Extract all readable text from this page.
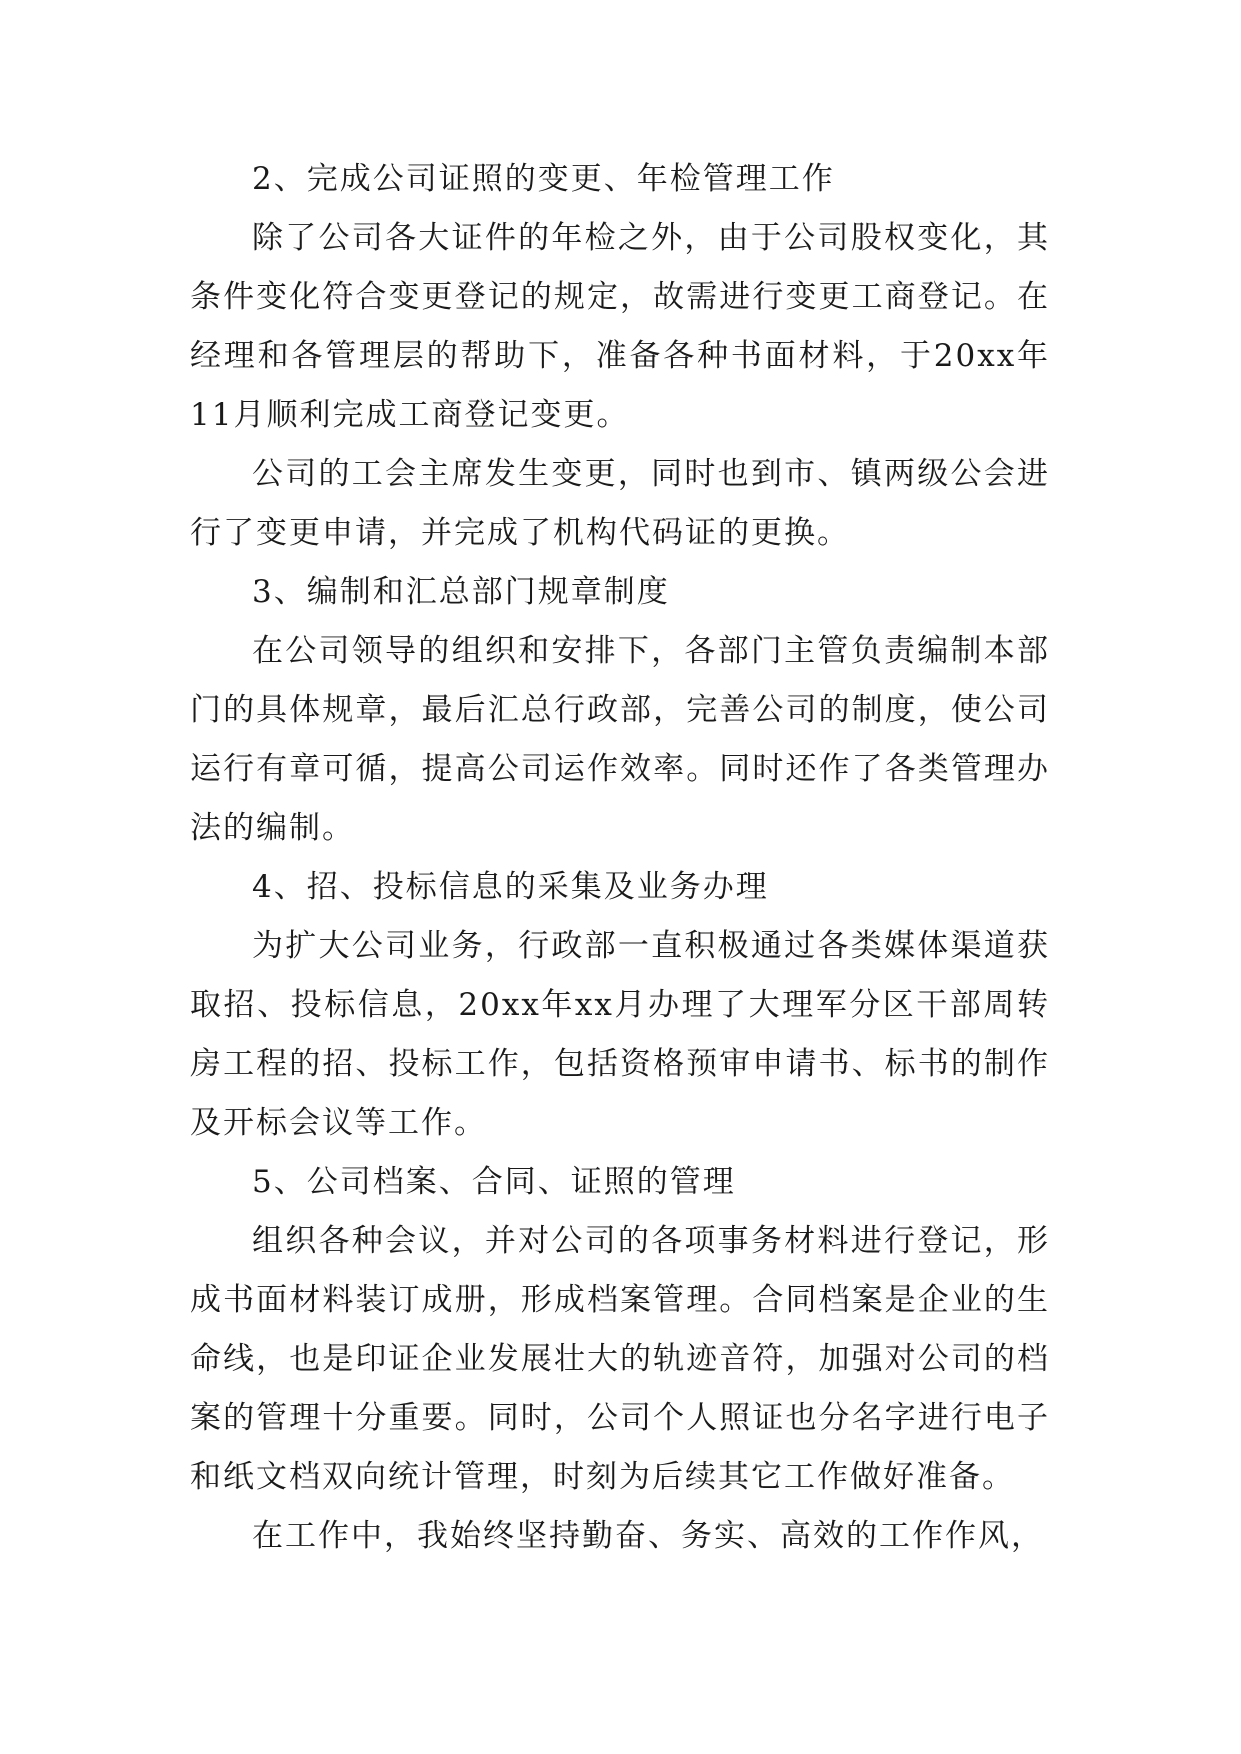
2、完成公司证照的变更、年检管理工作

除了公司各大证件的年检之外，由于公司股权变化，其条件变化符合变更登记的规定，故需进行变更工商登记。在经理和各管理层的帮助下，准备各种书面材料，于20xx年11月顺利完成工商登记变更。

公司的工会主席发生变更，同时也到市、镇两级公会进行了变更申请，并完成了机构代码证的更换。

3、编制和汇总部门规章制度

在公司领导的组织和安排下，各部门主管负责编制本部门的具体规章，最后汇总行政部，完善公司的制度，使公司运行有章可循，提高公司运作效率。同时还作了各类管理办法的编制。

4、招、投标信息的采集及业务办理

为扩大公司业务，行政部一直积极通过各类媒体渠道获取招、投标信息，20xx年xx月办理了大理军分区干部周转房工程的招、投标工作，包括资格预审申请书、标书的制作及开标会议等工作。

5、公司档案、合同、证照的管理

组织各种会议，并对公司的各项事务材料进行登记，形成书面材料装订成册，形成档案管理。合同档案是企业的生命线，也是印证企业发展壮大的轨迹音符，加强对公司的档案的管理十分重要。同时，公司个人照证也分名字进行电子和纸文档双向统计管理，时刻为后续其它工作做好准备。

在工作中，我始终坚持勤奋、务实、高效的工作作风，
